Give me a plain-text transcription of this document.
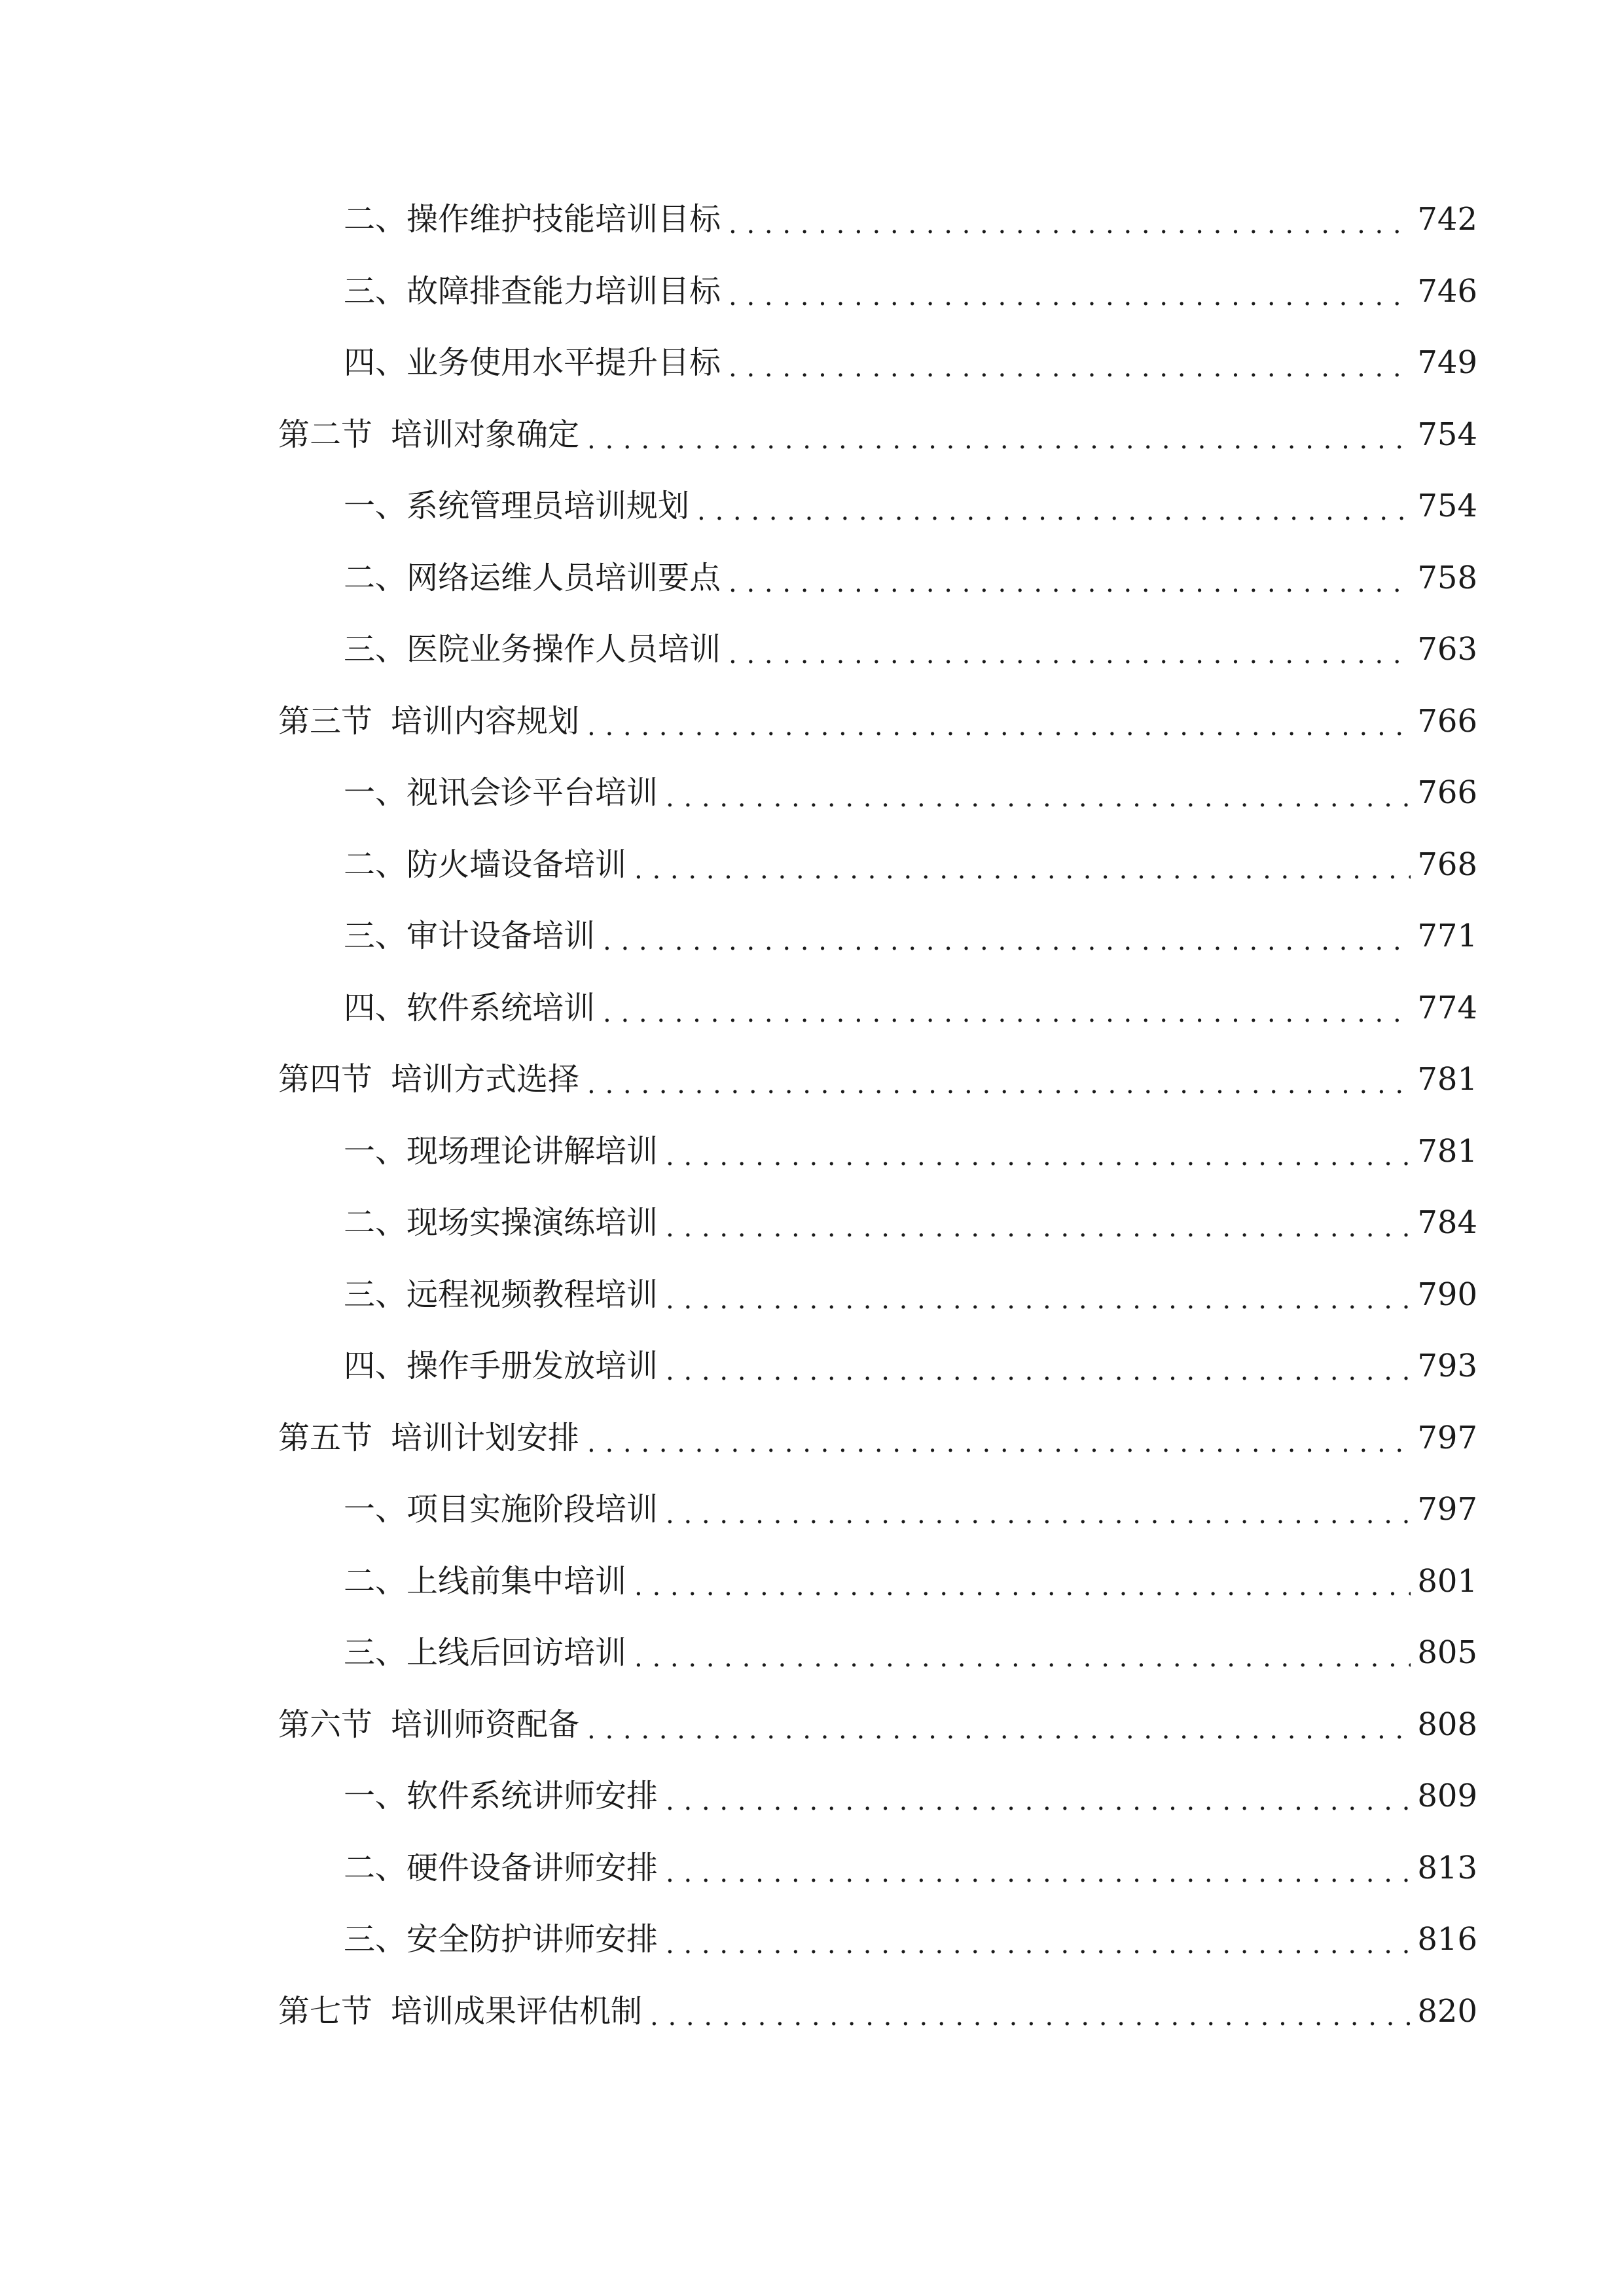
二、 操作维护技能培训目标 . . .	742
三、 故障排查能力培训目标 . . .	746
四、 业务使用水平提升目标 . . .	749
第二节 培训对象确定 . . .	754
一、 系统管理员培训规划 . . .	754
二、 网络运维人员培训要点 . . .	758
三、 医院业务操作人员培训 . . .	763
第三节 培训内容规划 . . .	766
一、 视讯会诊平台培训 . . .	766
二、 防火墙设备培训 . . .	768
三、 审计设备培训 . . .	771
四、 软件系统培训 . . .	774
第四节 培训方式选择 . . .	781
一、 现场理论讲解培训 . . .	781
二、 现场实操演练培训 . . .	784
三、 远程视频教程培训 . . .	790
四、 操作手册发放培训 . . .	793
第五节 培训计划安排 . . .	797
一、 项目实施阶段培训 . . .	797
二、 上线前集中培训 . . .	801
三、 上线后回访培训 . . .	805
第六节 培训师资配备 . . .	808
一、 软件系统讲师安排 . . .	809
二、 硬件设备讲师安排 . . .	813
三、 安全防护讲师安排 . . .	816
第七节 培训成果评估机制 . . .	820
